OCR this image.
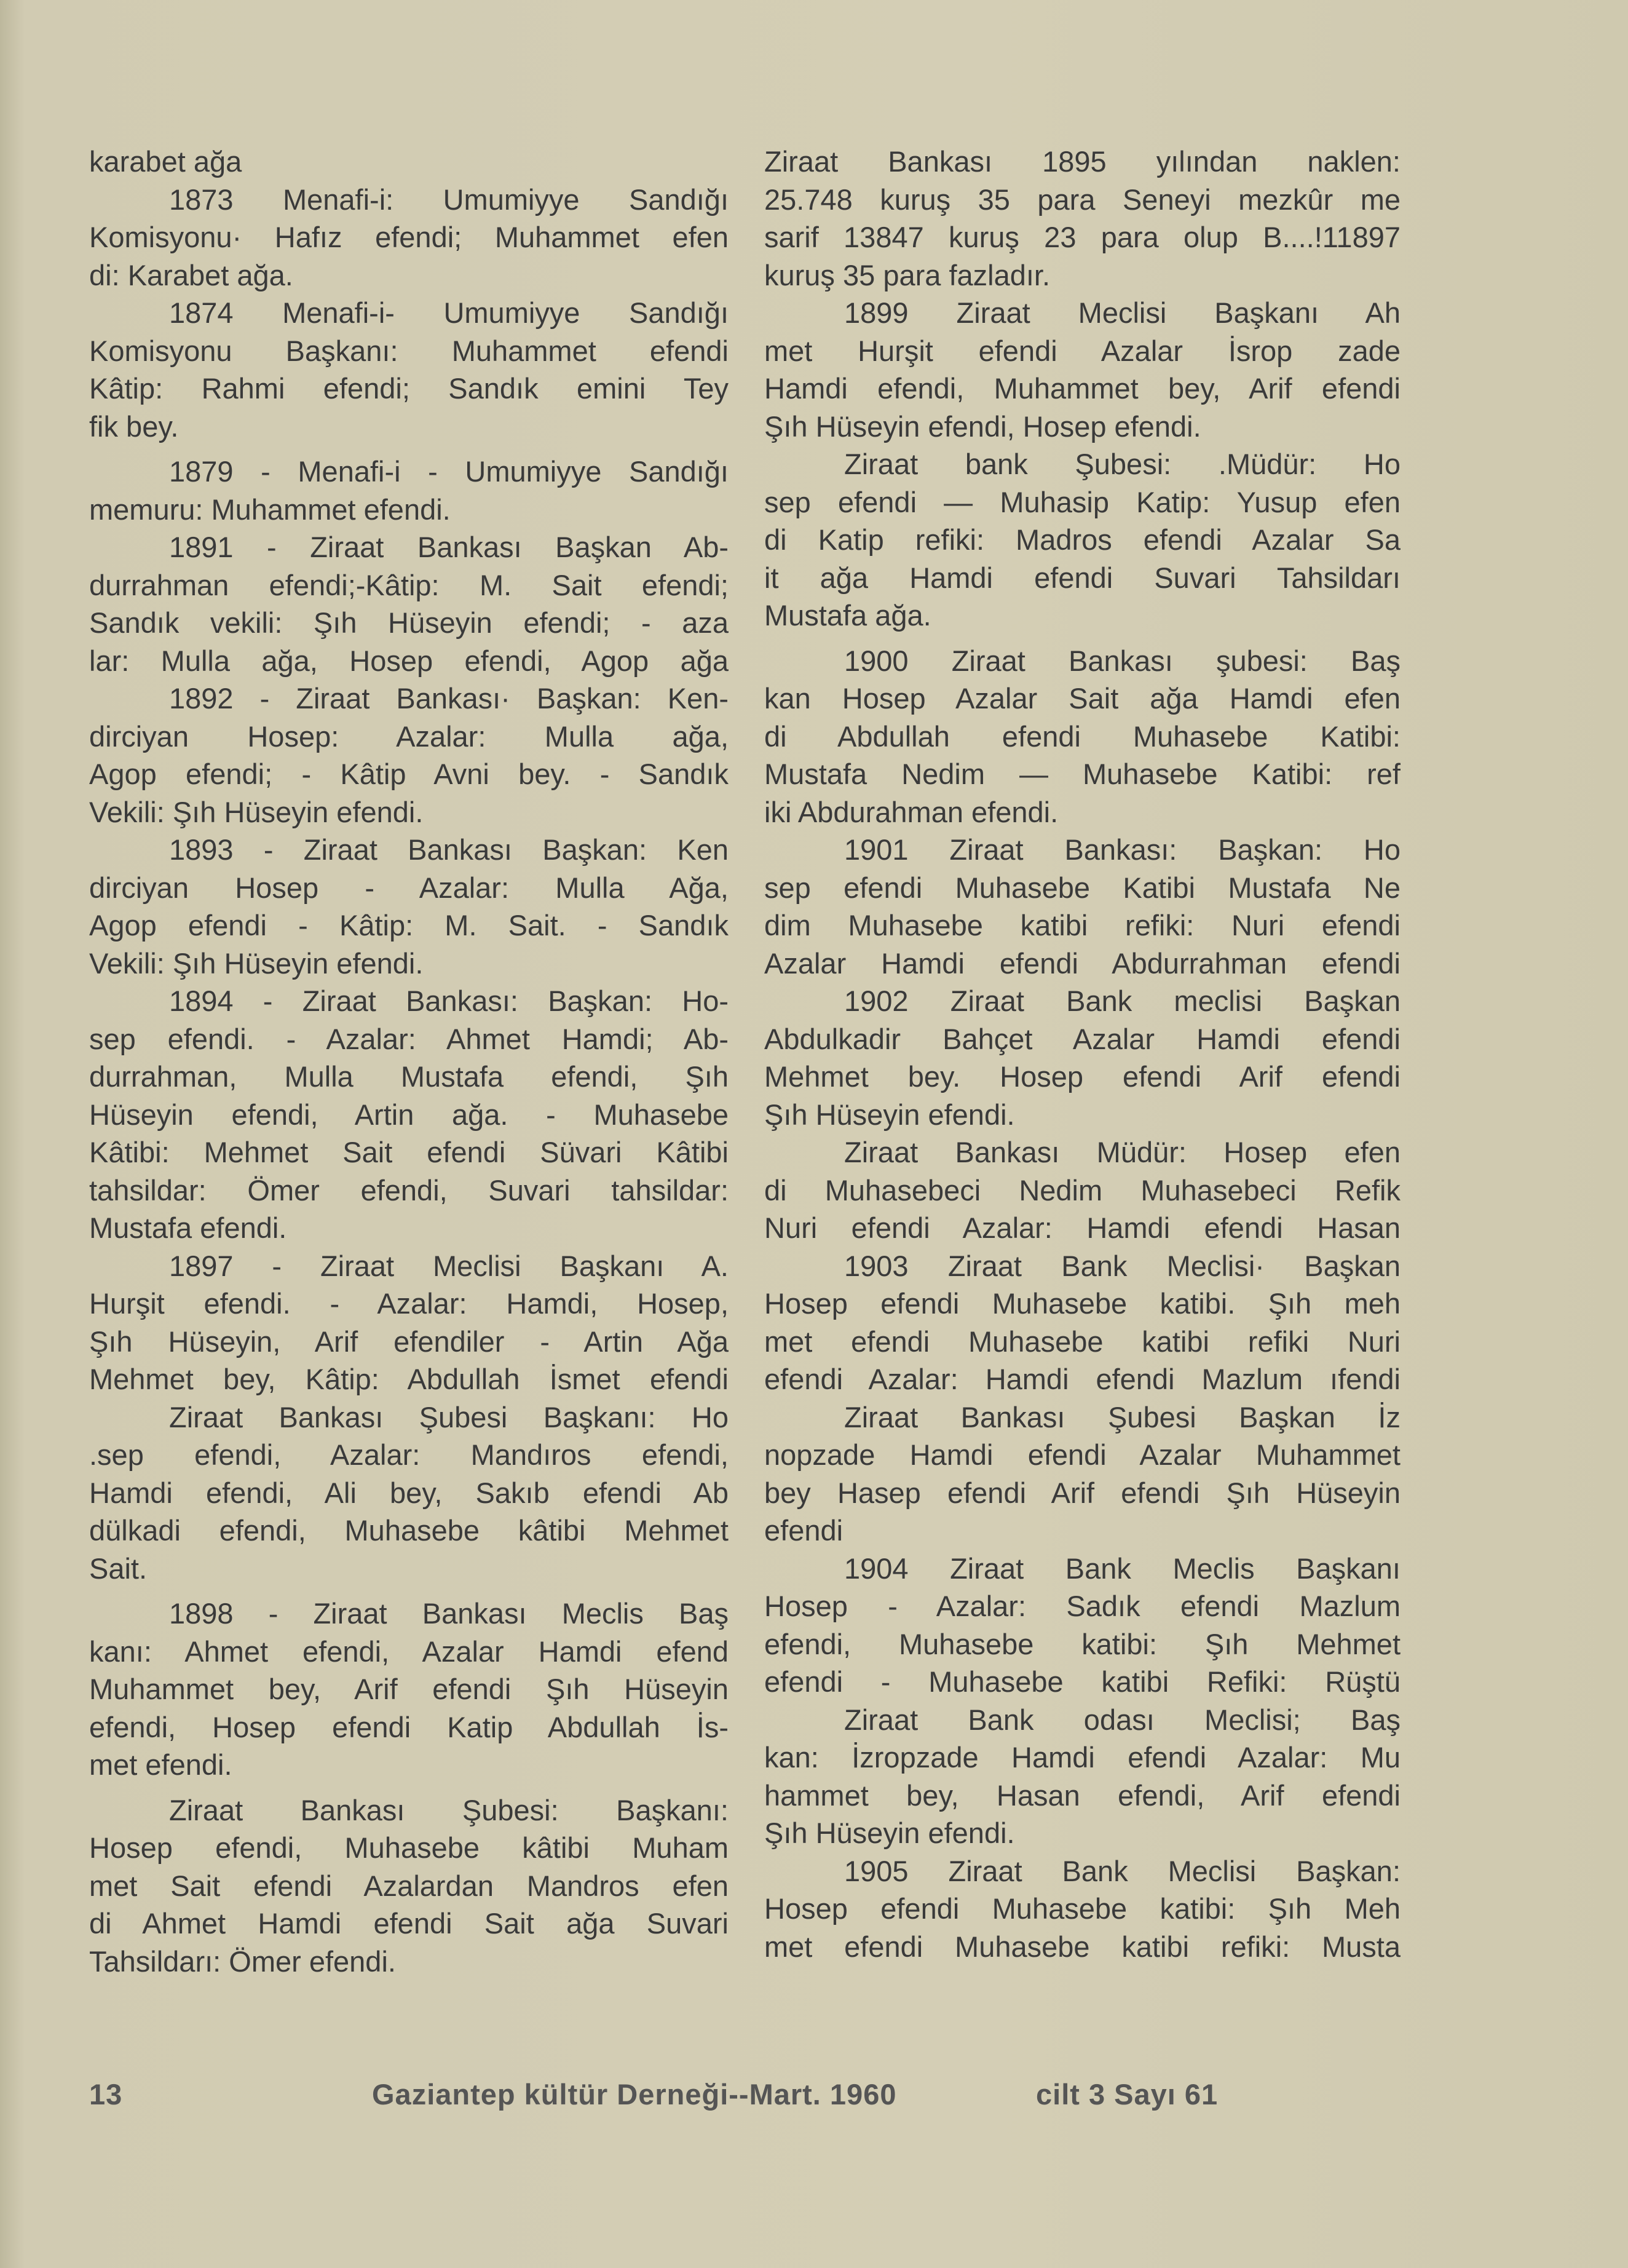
karabet ağa
1873 Menafi-i: Umumiyye Sandığı
Komisyonu· Hafız efendi; Muhammet efen
di: Karabet ağa.
1874 Menafi-i- Umumiyye Sandığı
Komisyonu Başkanı: Muhammet efendi
Kâtip: Rahmi efendi; Sandık emini Tey
fik bey.
1879 - Menafi-i - Umumiyye Sandığı
memuru: Muhammet efendi.
1891 - Ziraat Bankası Başkan Ab-
durrahman efendi;-Kâtip: M. Sait efendi;
Sandık vekili: Şıh Hüseyin efendi; - aza
lar: Mulla ağa, Hosep efendi, Agop ağa
1892 - Ziraat Bankası· Başkan: Ken-
dirciyan Hosep: Azalar: Mulla ağa,
Agop efendi; - Kâtip Avni bey. - Sandık
Vekili: Şıh Hüseyin efendi.
1893 - Ziraat Bankası Başkan: Ken
dirciyan Hosep - Azalar: Mulla Ağa,
Agop efendi - Kâtip: M. Sait. - Sandık
Vekili: Şıh Hüseyin efendi.
1894 - Ziraat Bankası: Başkan: Ho-
sep efendi. - Azalar: Ahmet Hamdi; Ab-
durrahman, Mulla Mustafa efendi, Şıh
Hüseyin efendi, Artin ağa. - Muhasebe
Kâtibi: Mehmet Sait efendi Süvari Kâtibi
tahsildar: Ömer efendi, Suvari tahsildar:
Mustafa efendi.
1897 - Ziraat Meclisi Başkanı A.
Hurşit efendi. - Azalar: Hamdi, Hosep,
Şıh Hüseyin, Arif efendiler - Artin Ağa
Mehmet bey, Kâtip: Abdullah İsmet efendi
Ziraat Bankası Şubesi Başkanı: Ho
.sep efendi, Azalar: Mandıros efendi,
Hamdi efendi, Ali bey, Sakıb efendi Ab
dülkadi efendi, Muhasebe kâtibi Mehmet
Sait.
1898 - Ziraat Bankası Meclis Baş
kanı: Ahmet efendi, Azalar Hamdi efend
Muhammet bey, Arif efendi Şıh Hüseyin
efendi, Hosep efendi Katip Abdullah İs-
met efendi.
Ziraat Bankası Şubesi: Başkanı:
Hosep efendi, Muhasebe kâtibi Muham
met Sait efendi Azalardan Mandros efen
di Ahmet Hamdi efendi Sait ağa Suvari
Tahsildarı: Ömer efendi.
Ziraat Bankası 1895 yılından naklen:
25.748 kuruş 35 para Seneyi mezkûr me
sarif 13847 kuruş 23 para olup B....!11897
kuruş 35 para fazladır.
1899 Ziraat Meclisi Başkanı Ah
met Hurşit efendi Azalar İsrop zade
Hamdi efendi, Muhammet bey, Arif efendi
Şıh Hüseyin efendi, Hosep efendi.
Ziraat bank Şubesi: .Müdür: Ho
sep efendi — Muhasip Katip: Yusup efen
di Katip refiki: Madros efendi Azalar Sa
it ağa Hamdi efendi Suvari Tahsildarı
Mustafa ağa.
1900 Ziraat Bankası şubesi: Baş
kan Hosep Azalar Sait ağa Hamdi efen
di Abdullah efendi Muhasebe Katibi:
Mustafa Nedim — Muhasebe Katibi: ref
iki Abdurahman efendi.
1901 Ziraat Bankası: Başkan: Ho
sep efendi Muhasebe Katibi Mustafa Ne
dim Muhasebe katibi refiki: Nuri efendi
Azalar Hamdi efendi Abdurrahman efendi
1902 Ziraat Bank meclisi Başkan
Abdulkadir Bahçet Azalar Hamdi efendi
Mehmet bey. Hosep efendi Arif efendi
Şıh Hüseyin efendi.
Ziraat Bankası Müdür: Hosep efen
di Muhasebeci Nedim Muhasebeci Refik
Nuri efendi Azalar: Hamdi efendi Hasan
1903 Ziraat Bank Meclisi· Başkan
Hosep efendi Muhasebe katibi. Şıh meh
met efendi Muhasebe katibi refiki Nuri
efendi Azalar: Hamdi efendi Mazlum ıfendi
Ziraat Bankası Şubesi Başkan İz
nopzade Hamdi efendi Azalar Muhammet
bey Hasep efendi Arif efendi Şıh Hüseyin
efendi
1904 Ziraat Bank Meclis Başkanı
Hosep - Azalar: Sadık efendi Mazlum
efendi, Muhasebe katibi: Şıh Mehmet
efendi - Muhasebe katibi Refiki: Rüştü
Ziraat Bank odası Meclisi; Baş
kan: İzropzade Hamdi efendi Azalar: Mu
hammet bey, Hasan efendi, Arif efendi
Şıh Hüseyin efendi.
1905 Ziraat Bank Meclisi Başkan:
Hosep efendi Muhasebe katibi: Şıh Meh
met efendi Muhasebe katibi refiki: Musta
13	Gaziantep kültür Derneği--Mart. 1960	cilt 3 Sayı 61
